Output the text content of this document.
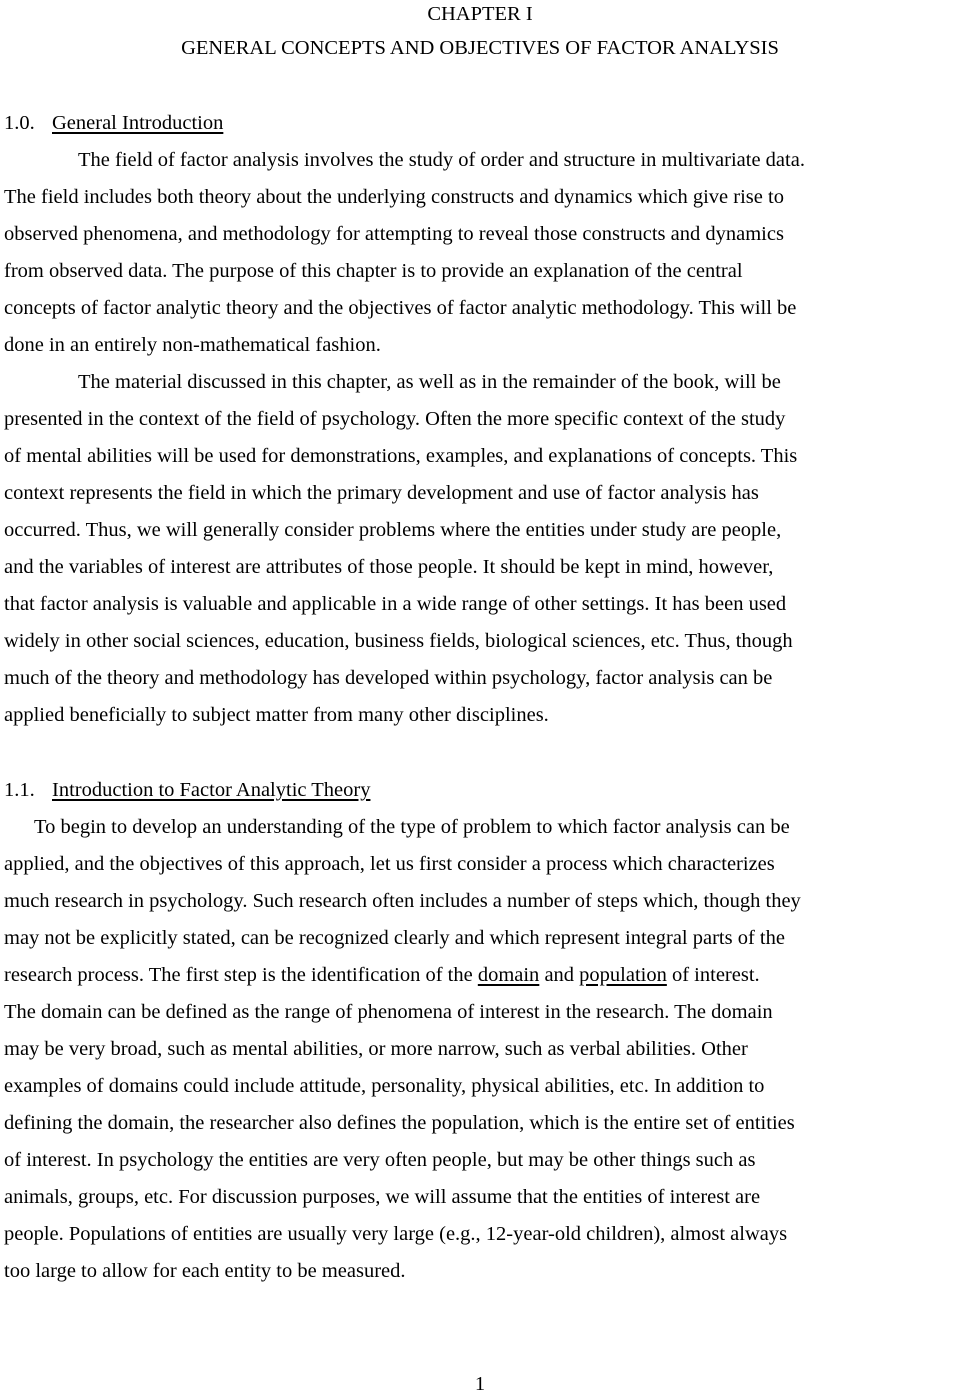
CHAPTER I
GENERAL CONCEPTS AND OBJECTIVES OF FACTOR ANALYSIS
1.0. General Introduction
The field of factor analysis involves the study of order and structure in multivariate data.
The field includes both theory about the underlying constructs and dynamics which give rise to
observed phenomena, and methodology for attempting to reveal those constructs and dynamics
from observed data. The purpose of this chapter is to provide an explanation of the central
concepts of factor analytic theory and the objectives of factor analytic methodology. This will be
done in an entirely non-mathematical fashion.
The material discussed in this chapter, as well as in the remainder of the book, will be
presented in the context of the field of psychology. Often the more specific context of the study
of mental abilities will be used for demonstrations, examples, and explanations of concepts. This
context represents the field in which the primary development and use of factor analysis has
occurred. Thus, we will generally consider problems where the entities under study are people,
and the variables of interest are attributes of those people. It should be kept in mind, however,
that factor analysis is valuable and applicable in a wide range of other settings. It has been used
widely in other social sciences, education, business fields, biological sciences, etc. Thus, though
much of the theory and methodology has developed within psychology, factor analysis can be
applied beneficially to subject matter from many other disciplines.
1.1. Introduction to Factor Analytic Theory
To begin to develop an understanding of the type of problem to which factor analysis can be
applied, and the objectives of this approach, let us first consider a process which characterizes
much research in psychology. Such research often includes a number of steps which, though they
may not be explicitly stated, can be recognized clearly and which represent integral parts of the
research process. The first step is the identification of the domain and population of interest.
The domain can be defined as the range of phenomena of interest in the research. The domain
may be very broad, such as mental abilities, or more narrow, such as verbal abilities. Other
examples of domains could include attitude, personality, physical abilities, etc. In addition to
defining the domain, the researcher also defines the population, which is the entire set of entities
of interest. In psychology the entities are very often people, but may be other things such as
animals, groups, etc. For discussion purposes, we will assume that the entities of interest are
people. Populations of entities are usually very large (e.g., 12-year-old children), almost always
too large to allow for each entity to be measured.
1
